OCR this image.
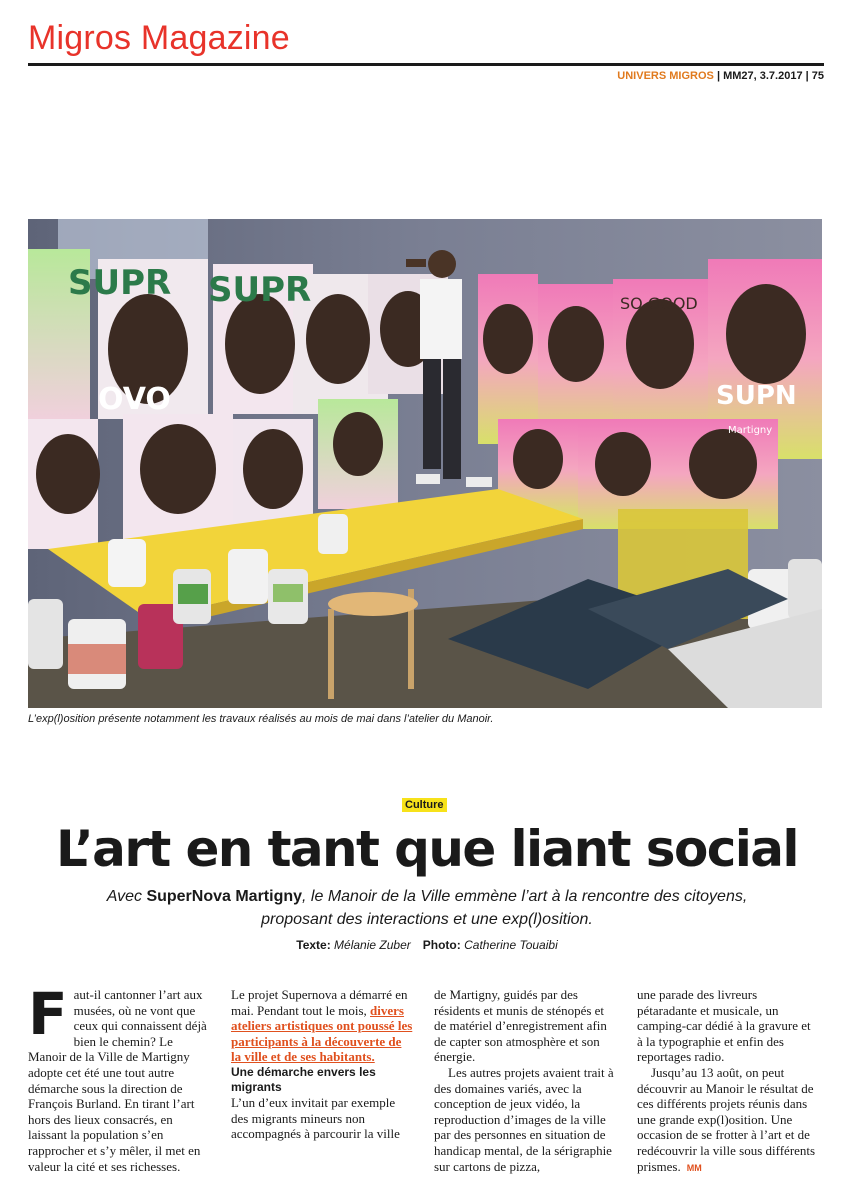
Migros Magazine
UNIVERS MIGROS | MM27, 3.7.2017 | 75
SUPR SUPR
OVO
SO GOOD
SUPN
Martigny
L’exp(l)osition présente notamment les travaux réalisés au mois de mai dans l’atelier du Manoir.
Culture
L’art en tant que liant social

Avec SuperNova Martigny, le Manoir de la Ville emmène l’art à la rencontre des citoyens, proposant des interactions et une exp(l)osition.

Texte: Mélanie Zuber Photo: Catherine Touaibi

Faut-il cantonner l’art aux musées, où ne vont que ceux qui connaissent déjà bien le chemin? Le Manoir de la Ville de Martigny adopte cet été une tout autre démarche sous la direction de François Burland. En tirant l’art hors des lieux consacrés, en laissant la population s’en rapprocher et s’y mêler, il met en valeur la cité et ses richesses.

Le projet Supernova a démarré en mai. Pendant tout le mois, divers ateliers artistiques ont poussé les participants à la découverte de la ville et de ses habitants.

Une démarche envers les migrants

L’un d’eux invitait par exemple des migrants mineurs non accompagnés à parcourir la ville

de Martigny, guidés par des résidents et munis de sténopés et de matériel d’enregistrement afin de capter son atmosphère et son énergie.

Les autres projets avaient trait à des domaines variés, avec la conception de jeux vidéo, la reproduction d’images de la ville par des personnes en situation de handicap mental, de la sérigraphie sur cartons de pizza,

une parade des livreurs pétaradante et musicale, un camping-car dédié à la gravure et à la typographie et enfin des reportages radio.

Jusqu’au 13 août, on peut découvrir au Manoir le résultat de ces différents projets réunis dans une grande exp(l)osition. Une occasion de se frotter à l’art et de redécouvrir la ville sous différents prismes. MM
